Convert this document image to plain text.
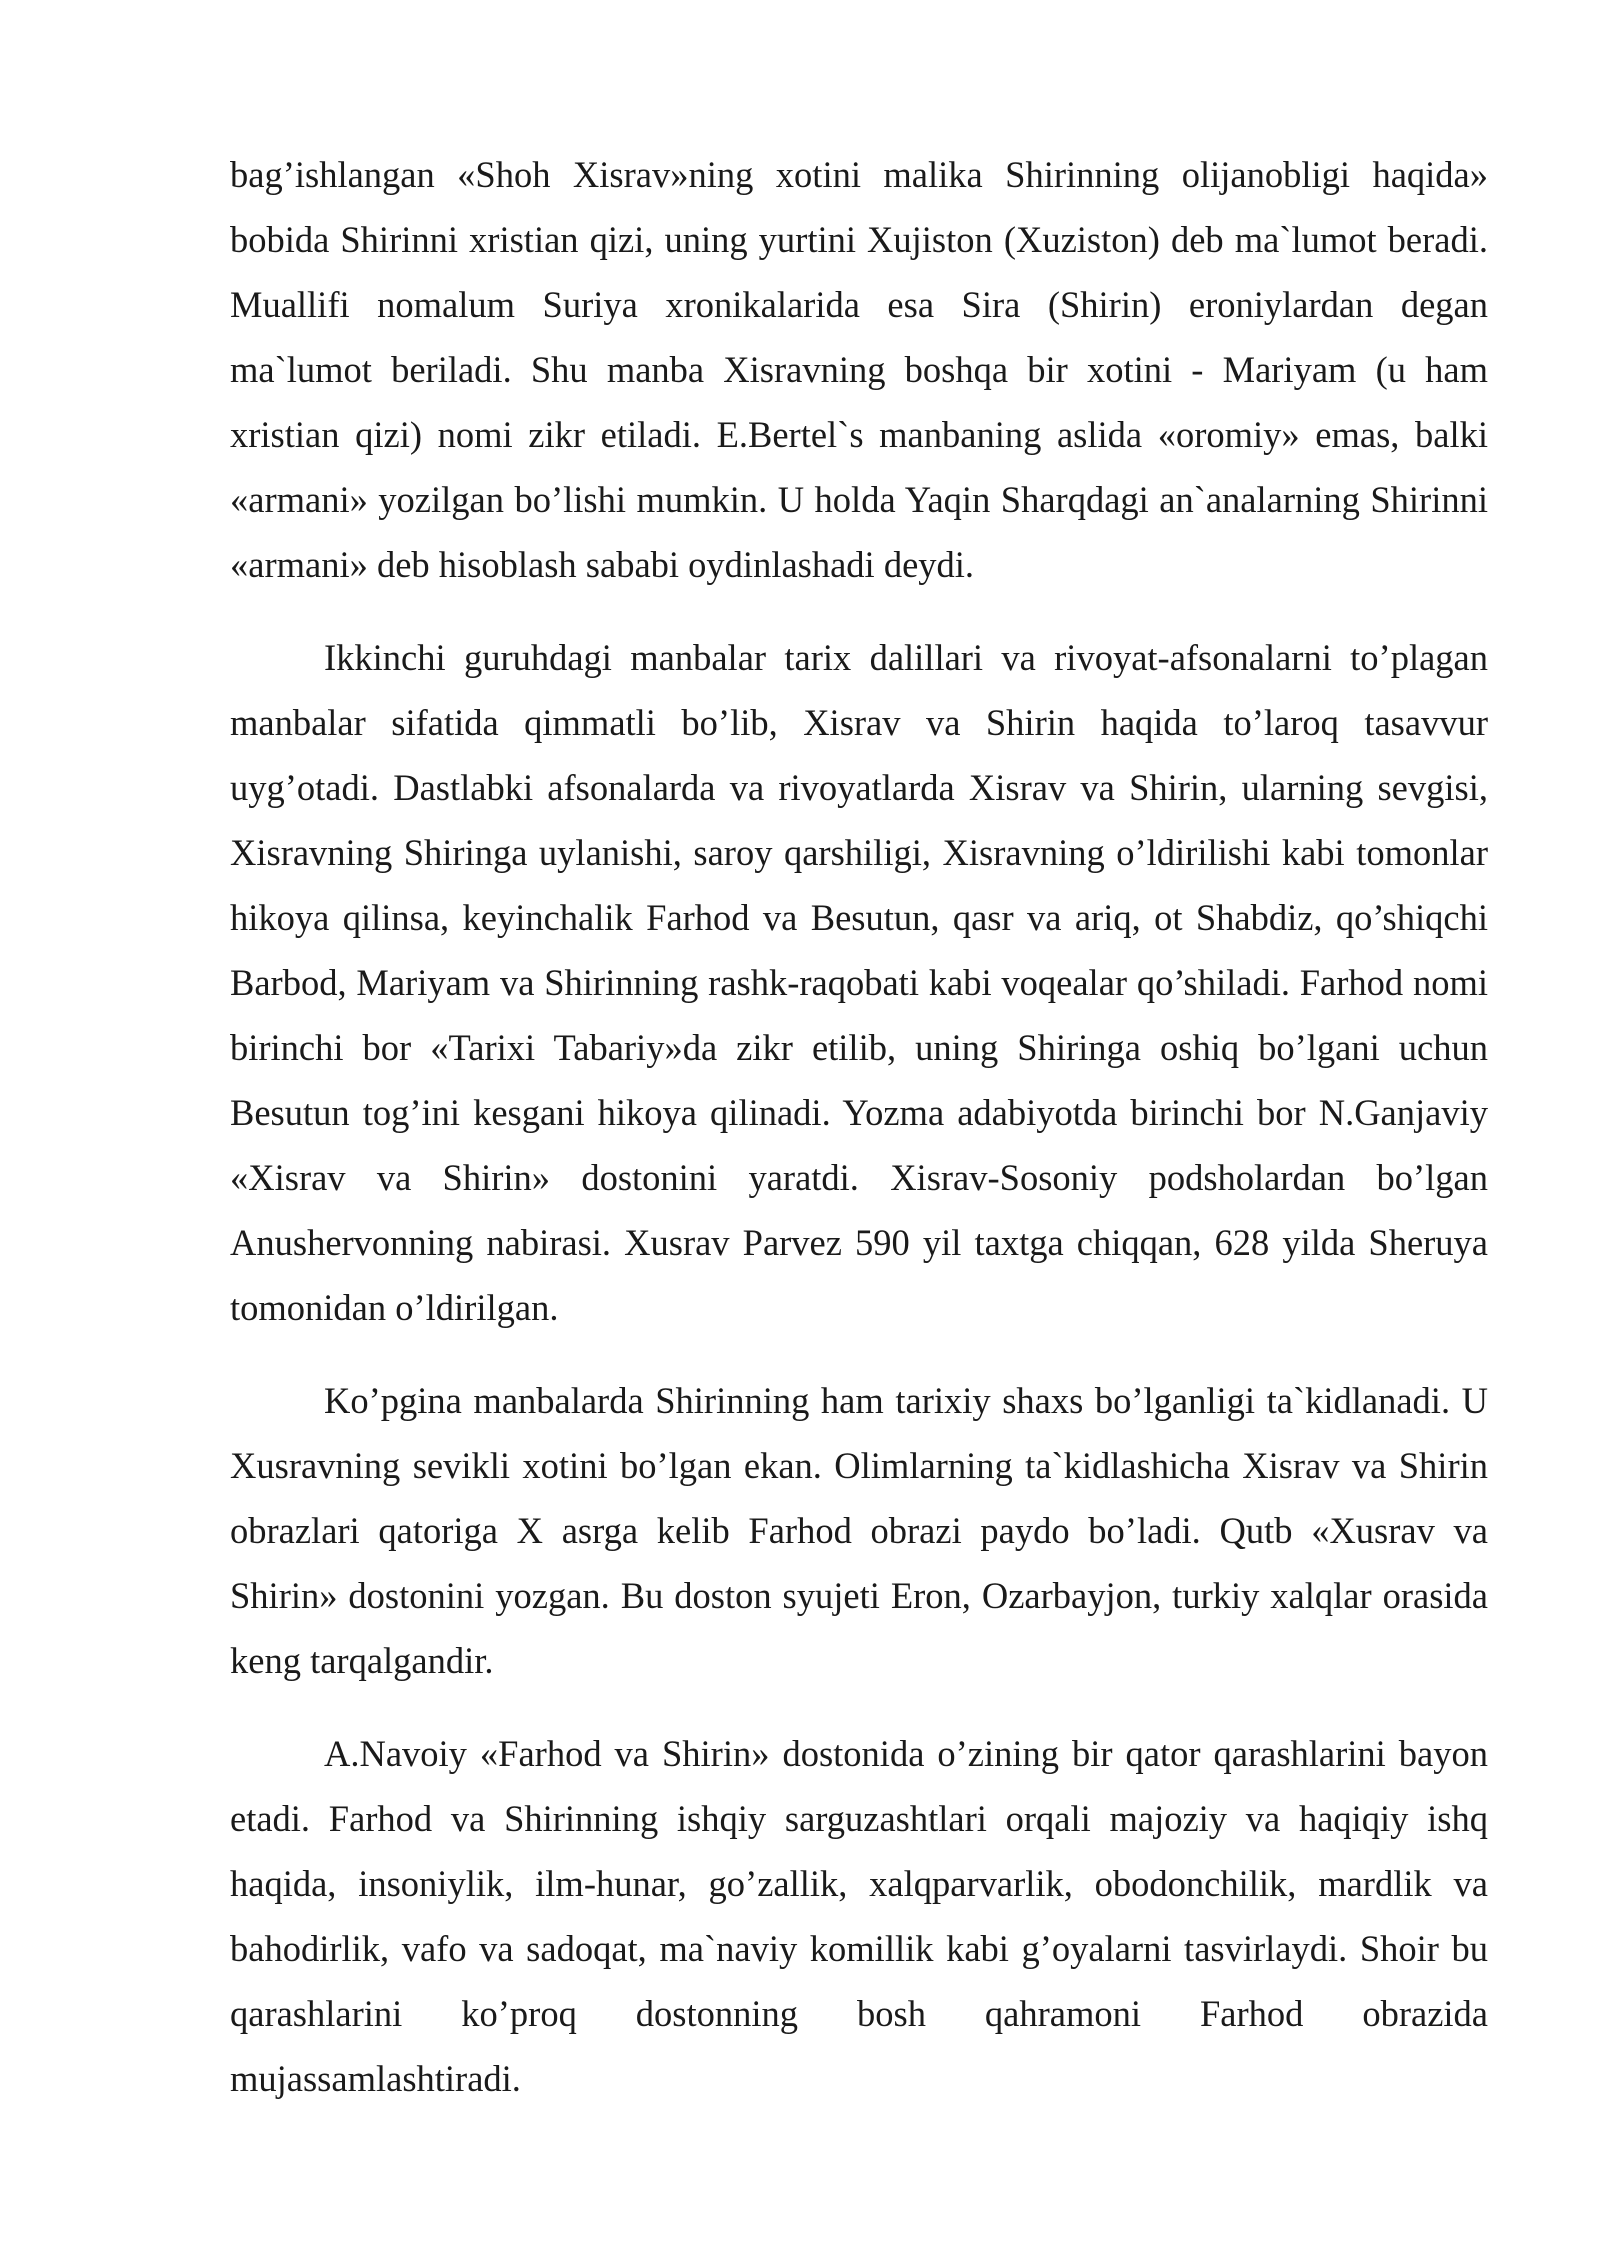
bag’ishlangan «Shoh Xisrav»ning xotini malika Shirinning olijanobligi haqida» bobida Shirinni xristian qizi, uning yurtini Xujiston (Xuziston) deb ma`lumot beradi. Muallifi nomalum Suriya xronikalarida esa Sira (Shirin) eroniylardan degan ma`lumot beriladi. Shu manba Xisravning boshqa bir xotini - Mariyam (u ham xristian qizi) nomi zikr etiladi. E.Bertel`s manbaning aslida «oromiy» emas, balki «armani» yozilgan bo’lishi mumkin. U holda Yaqin Sharqdagi an`analarning Shirinni «armani» deb hisoblash sababi oydinlashadi deydi.

Ikkinchi guruhdagi manbalar tarix dalillari va rivoyat-afsonalarni to’plagan manbalar sifatida qimmatli bo’lib, Xisrav va Shirin haqida to’laroq tasavvur uyg’otadi. Dastlabki afsonalarda va rivoyatlarda Xisrav va Shirin, ularning sevgisi, Xisravning Shiringa uylanishi, saroy qarshiligi, Xisravning o’ldirilishi kabi tomonlar hikoya qilinsa, keyinchalik Farhod va Besutun, qasr va ariq, ot Shabdiz, qo’shiqchi Barbod, Mariyam va Shirinning rashk-raqobati kabi voqealar qo’shiladi. Farhod nomi birinchi bor «Tarixi Tabariy»da zikr etilib, uning Shiringa oshiq bo’lgani uchun Besutun tog’ini kesgani hikoya qilinadi. Yozma adabiyotda birinchi bor N.Ganjaviy «Xisrav va Shirin» dostonini yaratdi. Xisrav-Sosoniy podsholardan bo’lgan Anushervonning nabirasi. Xusrav Parvez 590 yil taxtga chiqqan, 628 yilda Sheruya tomonidan o’ldirilgan.

Ko’pgina manbalarda Shirinning ham tarixiy shaxs bo’lganligi ta`kidlanadi. U Xusravning sevikli xotini bo’lgan ekan. Olimlarning ta`kidlashicha Xisrav va Shirin obrazlari qatoriga X asrga kelib Farhod obrazi paydo bo’ladi. Qutb «Xusrav va Shirin» dostonini yozgan. Bu doston syujeti Eron, Ozarbayjon, turkiy xalqlar orasida keng tarqalgandir.

A.Navoiy «Farhod va Shirin» dostonida o’zining bir qator qarashlarini bayon etadi. Farhod va Shirinning ishqiy sarguzashtlari orqali majoziy va haqiqiy ishq haqida, insoniylik, ilm-hunar, go’zallik, xalqparvarlik, obodonchilik, mardlik va bahodirlik, vafo va sadoqat, ma`naviy komillik kabi g’oyalarni tasvirlaydi. Shoir bu qarashlarini ko’proq dostonning bosh qahramoni Farhod obrazida mujassamlashtiradi.
